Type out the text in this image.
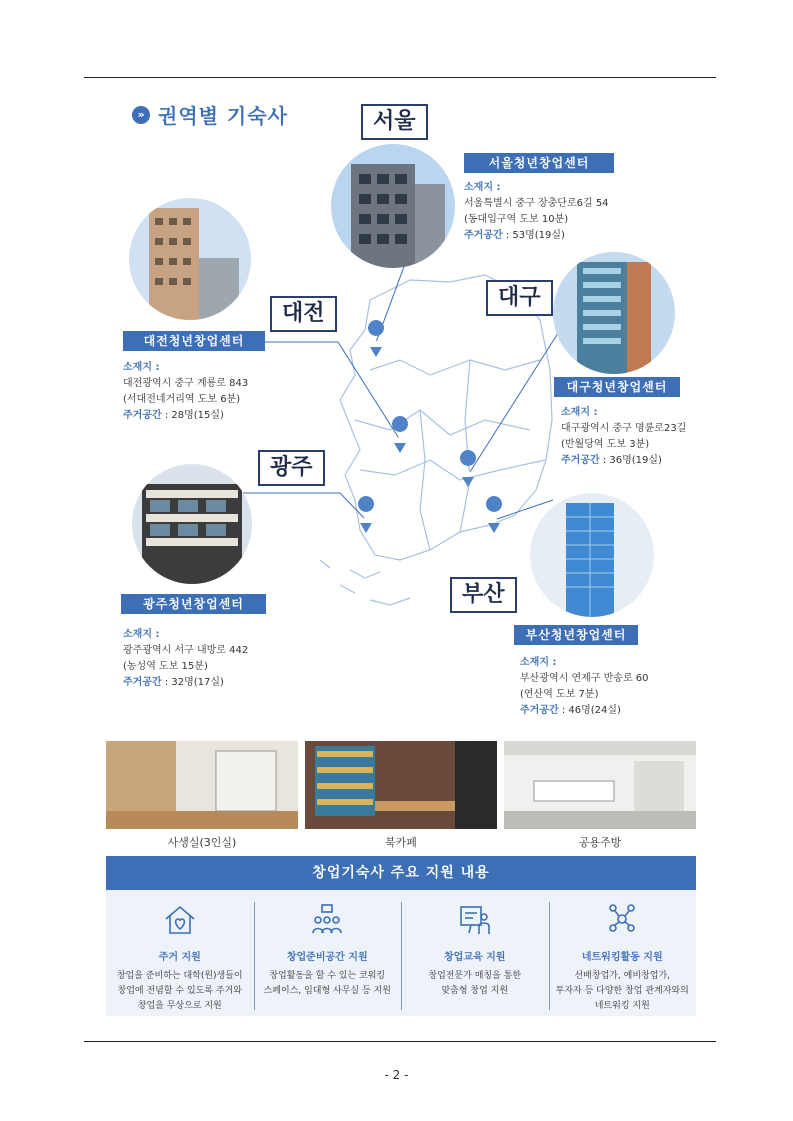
» 권역별 기숙사	서울
서울청년창업센터
소재지 :
서울특별시 중구 장충단로6길 54
(동대입구역 도보 10분)
주거공간 : 53명(19실)
대전
대전청년창업센터
소재지 :
대전광역시 중구 계룡로 843
(서대전네거리역 도보 6분)
주거공간 : 28명(15실)
대구
대구청년창업센터
소재지 :
대구광역시 중구 명륜로23길
(반월당역 도보 3분)
주거공간 : 36명(19실)
광주
광주청년창업센터
소재지 :
광주광역시 서구 내방로 442
(농성역 도보 15분)
주거공간 : 32명(17실)
부산
부산청년창업센터
소재지 :
부산광역시 연제구 반송로 60
(연산역 도보 7분)
주거공간 : 46명(24실)
사생실(3인실)	북카페	공용주방
창업기숙사 주요 지원 내용
주거 지원
창업을 준비하는 대학(원)생들이
창업에 전념할 수 있도록 주거와
창업을 무상으로 지원
창업준비공간 지원
창업활동을 할 수 있는 코워킹
스페이스, 임대형 사무실 등 지원
창업교육 지원
창업전문가 매칭을 통한
맞춤형 창업 지원
네트워킹활동 지원
선배창업가, 예비창업가,
투자자 등 다양한 창업 관계자와의
네트워킹 지원
- 2 -
